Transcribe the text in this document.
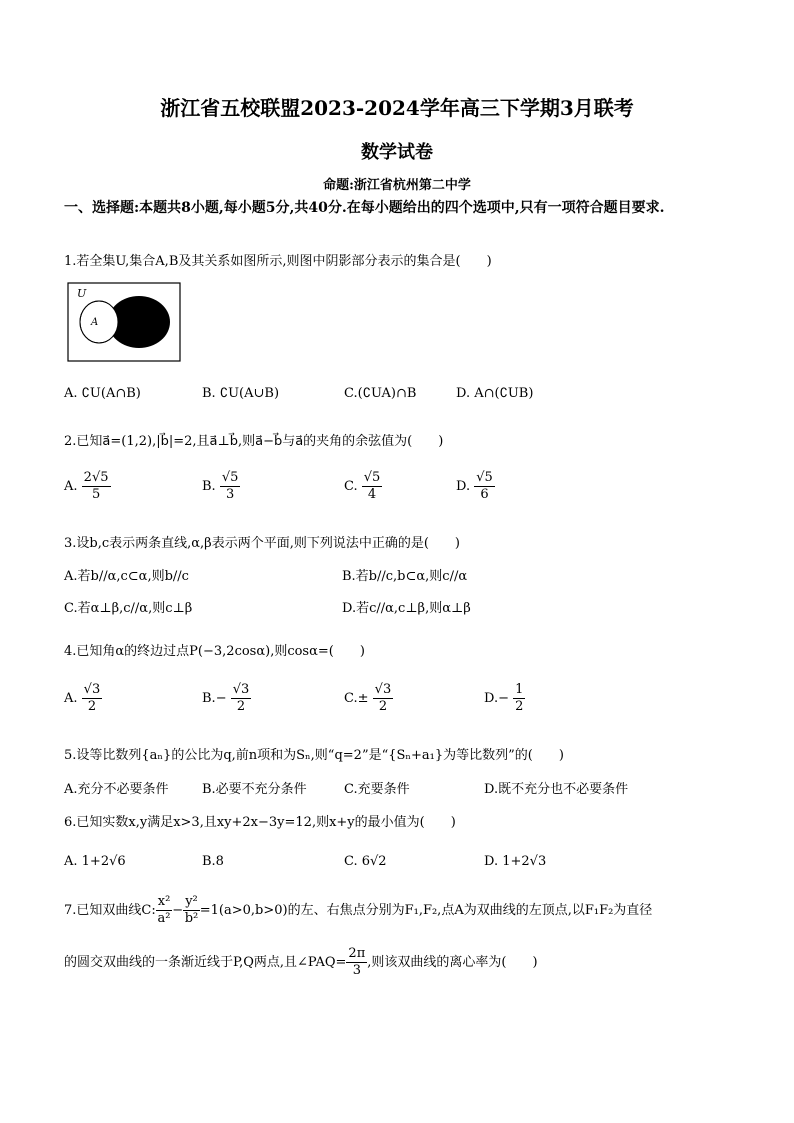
浙江省五校联盟2023-2024学年高三下学期3月联考
数学试卷
命题:浙江省杭州第二中学
一、选择题:本题共8小题,每小题5分,共40分.在每小题给出的四个选项中,只有一项符合题目要求.
1.若全集U,集合A,B及其关系如图所示,则图中阴影部分表示的集合是(　　)
U
A
A. ∁U(A∩B)	B. ∁U(A∪B)	C.(∁UA)∩B	D. A∩(∁UB)
2.已知a⃗=(1,2),|b⃗|=2,且a⃗⊥b⃗,则a⃗−b⃗与a⃗的夹角的余弦值为(　　)
A. $\frac{2√5}{5}$	B. $\frac{√5}{3}$	C. $\frac{√5}{4}$	D. $\frac{√5}{6}$
3.设b,c表示两条直线,α,β表示两个平面,则下列说法中正确的是(　　)
A.若b//α,c⊂α,则b//c	B.若b//c,b⊂α,则c//α
C.若α⊥β,c//α,则c⊥β	D.若c//α,c⊥β,则α⊥β
4.已知角α的终边过点P(−3,2cosα),则cosα=(　　)
A. $\frac{√3}{2}$	$B.- \frac{√3}{2}$	$C.\pm \frac{√3}{2}$	$D.- \frac{1}{2}$
5.设等比数列{aₙ}的公比为q,前n项和为Sₙ,则“q=2”是“{Sₙ+a₁}为等比数列”的(　　)
A.充分不必要条件	B.必要不充分条件	C.充要条件	D.既不充分也不必要条件
6.已知实数x,y满足x>3,且xy+2x−3y=12,则x+y的最小值为(　　)
A. 1+2√6	B.8	C. 6√2	D. 1+2√3
7.已知双曲线C: $\frac{\text{x²}}{\text{a²}} - \frac{\text{y²}}{\text{b²}} =1(a>0,b>0)$的左、右焦点分别为F₁,F₂,点A为双曲线的左顶点,以F₁F₂为直径
的圆交双曲线的一条渐近线于P,Q两点,且∠PAQ= $\frac{2\pi}{3}$ ,则该双曲线的离心率为(　　)
